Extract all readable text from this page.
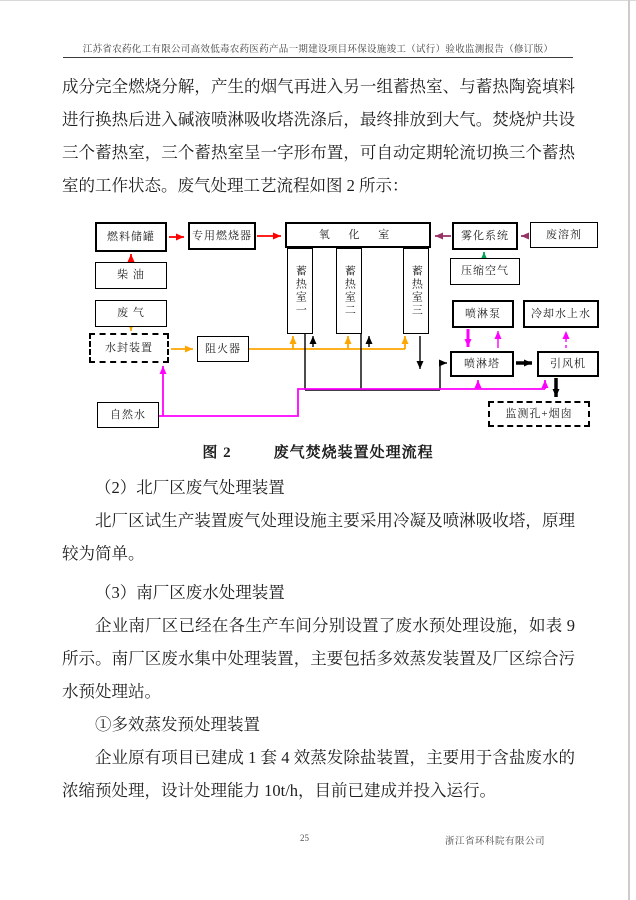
江苏省农药化工有限公司高效低毒农药医药产品一期建设项目环保设施竣工（试行）验收监测报告（修订版）
成分完全燃烧分解，产生的烟气再进入另一组蓄热室、与蓄热陶瓷填料进行换热后进入碱液喷淋吸收塔洗涤后，最终排放到大气。焚烧炉共设三个蓄热室，三个蓄热室呈一字形布置，可自动定期轮流切换三个蓄热室的工作状态。废气处理工艺流程如图 2 所示：
燃料储罐	专用燃烧器	氧 化 室
蓄热室一	蓄热室二	蓄热室三
雾化系统	废溶剂
压缩空气
喷淋泵	冷却水上水
柴 油
废 气
水封装置	阻火器
自然水
喷淋塔	引风机
监测孔+烟囱
图 2	废气焚烧装置处理流程
（2）北厂区废气处理装置
北厂区试生产装置废气处理设施主要采用冷凝及喷淋吸收塔，原理较为简单。
（3）南厂区废水处理装置
企业南厂区已经在各生产车间分别设置了废水预处理设施，如表 9 所示。南厂区废水集中处理装置，主要包括多效蒸发装置及厂区综合污水预处理站。
①多效蒸发预处理装置
企业原有项目已建成 1 套 4 效蒸发除盐装置，主要用于含盐废水的浓缩预处理，设计处理能力 10t/h，目前已建成并投入运行。
25	浙江省环科院有限公司
